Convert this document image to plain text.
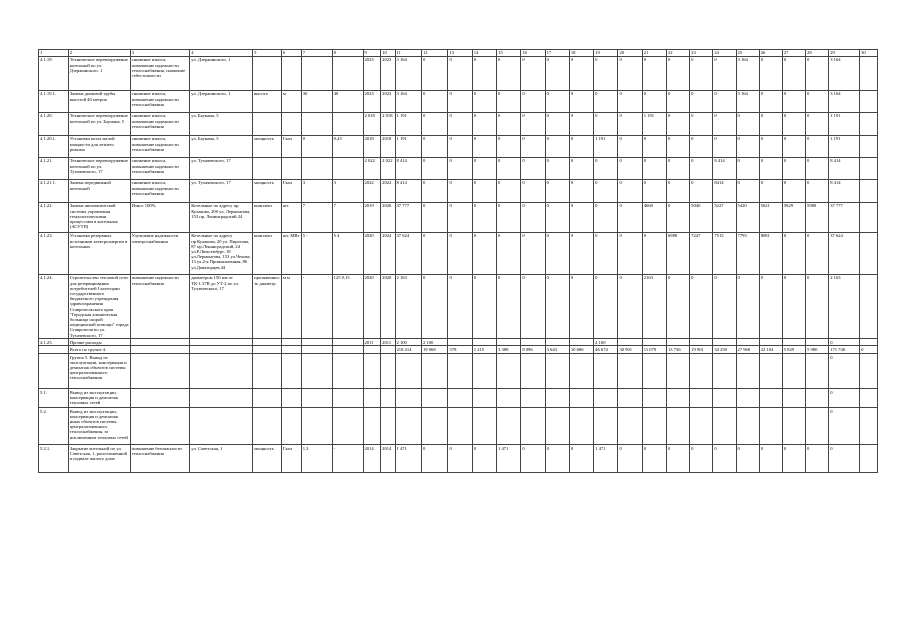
1	2	3	4	5	6	7	8	9	10	11	12	13	14	15	16	17	18	19	20	21	22	23	24	25	26	27	28	29	30
4.1.19.	Техническое перевооружение котельной по ул. Дзержинского, 1	снижение износа, повышение надежности теплоснабжения, снижение себестоимости	ул. Дзержинского, 1					2023	2023	3 164	0	0	0	0	0	0	0	0	0	0	0	0	0	3 164	0	0	0	3 164	
4.1.19.1.	Замена дымовой трубы высотой 40 метров	снижение износа, повышение надежности теплоснабжения	ул. Дзержинского, 1	высота	м	30	40	2023	2023	3 164	0	0	0	0	0	0	0	0	0	0	0	0	0	3 164	0	0	0	3 164	
4.1.20.	Техническое перевооружение котельной по ул. Баумана, 5	снижение износа, повышение надежности теплоснабжения	ул. Баумана, 5					2 018	2 018	1 191	0	0	0	0	0	0	0	0	0	1 191	0	0	0	0	0	0	0	1 191	
4.1.20.1.	Установка котла малой мощности для летнего режима	снижение износа, повышение надежности теплоснабжения	ул. Баумана, 5	мощность	Гкал	0	0,43	2018	2018	1 191	0	0	0	0	0	0	0	1 191	0	0	0	0	0	0	0	0	0	1 191	
4.1.21.	Техническое перевооружение котельной по ул. Тухачевского, 17	снижение износа, повышение надежности теплоснабжения	ул. Тухачевского, 17					2 022	2 022	8 414	0	0	0	0	0	0	0	0	0	0	0	0	8 414	0	0	0	0	8 414	
4.1.21.1.	Замена передвижной котельной	снижение износа, повышение надежности теплоснабжения	ул. Тухачевского, 17	мощность	Гкал	3	3	2022	2022	8 414	0	0	0	0	0	0	0	0	0	0	0	0	8414	0	0	0	0	8 414	
4.1.22.	Замена автоматической системы управления технологическими процессами в котельных (АСУТП)	Износ 100%	Котельные по адресу пр. Кулакова, 20б ул. Лермонтова, 153 пр. Ленинградский 24	комплект	шт.	7	7	2019	2026	37 777	0	0	0	0	0	0	0	0	0	4660	0	5040	5227	5420	5621	5829	5980	37 777	
4.1.23.	Установка резервных источников электроэнергии в котельных	Улучшение надежности электроснабжения	Котельные по адресу пр.Кулакова, 20 ул. Пирогова, 87 пр.Ленинградский, 24 ул.Р.Люксембург, 18 ул.Лермонтова, 153 ул.Чехова, 13 ул.2-я Промышленная, 86 ул.Доваторцев,44	комплект	шт. МВт	5 -	5 4	2020	2024	37 624	0	0	0	0	0	0	0	0	0	0	6988	7247	7515	7793	8081	0	0	37 624	
4.1.24.	Строительство тепловой сети для резервирования потребителей I категории государственного бюджетного учреждения здравоохранения Ставропольского края "Городская клиническая больница скорой медицинской помощи" города Ставрополя по ул. Тухачевского, 17	повышение надежности теплоснабжения	диаметром 150 мм от ТК-1.37В до УТ-2 по ул. Тухачевского, 17	протяженность диаметр	м м	-	125 0,15	2020	2020	2 163	0	0	0	0	0	0	0	0	0	2163	0	0	0	0	0	0	0	2 163	
4.1.25.	Прочие расходы							2011	2011	2 100	2 100							2 100										0	
	Всего по группе 4.									218 414	19 068	578	1 215	3 388	8 096	3 643	10 686	46 674	30 901	11 079	13 736	19 901	34 250	27 960	22 104	5 829	5 980	171 740	0
	Группа 5. Вывод из эксплуатации, консервация и демонтаж объектов системы централизованного теплоснабжения																											0	
5.1.	Вывод из эксплуатации, консервация и демонтаж тепловых сетей																											0	
5.2.	Вывод из эксплуатации, консервация и демонтаж иных объектов системы централизованного теплоснабжения, за исключением тепловых сетей																											0	
5.2.1.	Закрытие котельной по ул. Советская, 1, расположенной в подвале жилого дома	повышение безопасности теплоснабжения	ул. Советская, 1	мощность	Гкал	1,3	-	2014	2014	1 471	0	0	0	1 471	0	0	0	1 471	0	0	0	0	0	0	0	0	0	0	
